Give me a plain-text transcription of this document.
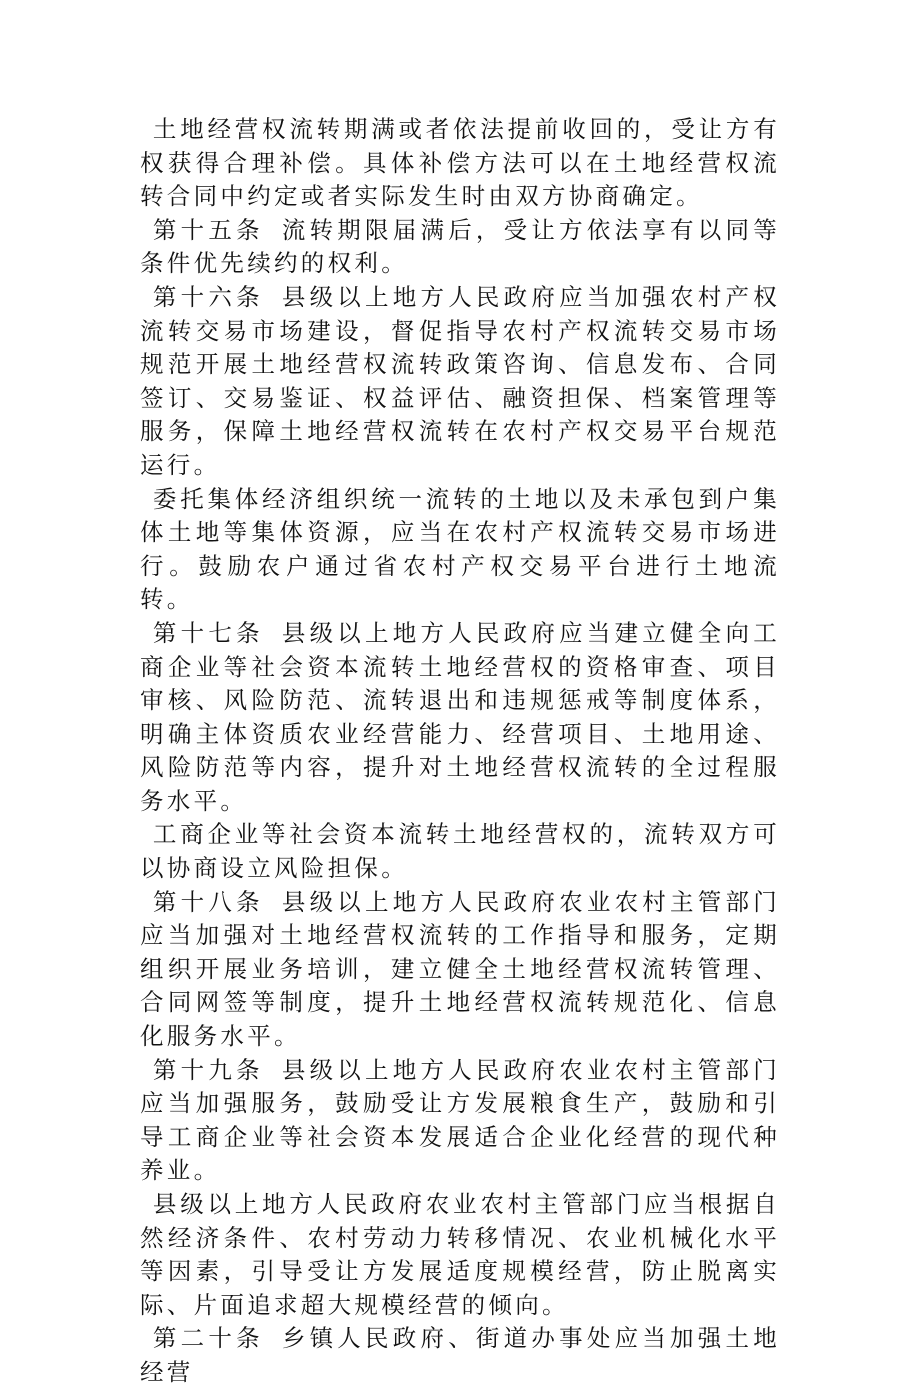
土地经营权流转期满或者依法提前收回的，受让方有权获得合理补偿。具体补偿方法可以在土地经营权流转合同中约定或者实际发生时由双方协商确定。

第十五条 流转期限届满后，受让方依法享有以同等条件优先续约的权利。

第十六条 县级以上地方人民政府应当加强农村产权流转交易市场建设，督促指导农村产权流转交易市场规范开展土地经营权流转政策咨询、信息发布、合同签订、交易鉴证、权益评估、融资担保、档案管理等服务，保障土地经营权流转在农村产权交易平台规范运行。

委托集体经济组织统一流转的土地以及未承包到户集体土地等集体资源，应当在农村产权流转交易市场进行。鼓励农户通过省农村产权交易平台进行土地流转。

第十七条 县级以上地方人民政府应当建立健全向工商企业等社会资本流转土地经营权的资格审查、项目审核、风险防范、流转退出和违规惩戒等制度体系，明确主体资质农业经营能力、经营项目、土地用途、风险防范等内容，提升对土地经营权流转的全过程服务水平。

工商企业等社会资本流转土地经营权的，流转双方可以协商设立风险担保。

第十八条 县级以上地方人民政府农业农村主管部门应当加强对土地经营权流转的工作指导和服务，定期组织开展业务培训，建立健全土地经营权流转管理、合同网签等制度，提升土地经营权流转规范化、信息化服务水平。

第十九条 县级以上地方人民政府农业农村主管部门应当加强服务，鼓励受让方发展粮食生产，鼓励和引导工商企业等社会资本发展适合企业化经营的现代种养业。

县级以上地方人民政府农业农村主管部门应当根据自然经济条件、农村劳动力转移情况、农业机械化水平等因素，引导受让方发展适度规模经营，防止脱离实际、片面追求超大规模经营的倾向。

第二十条 乡镇人民政府、街道办事处应当加强土地经营
